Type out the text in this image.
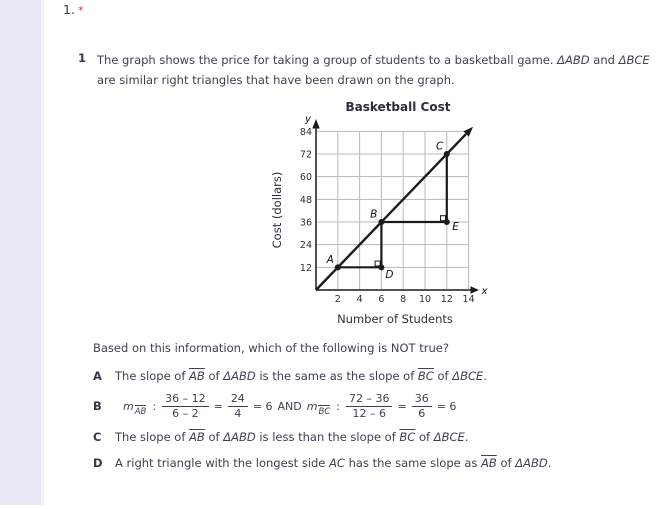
1. *
1 The graph shows the price for taking a group of students to a basketball game. ΔABD and ΔBCE are similar right triangles that have been drawn on the graph.
A
B
C
D
E
12
24
36
48
60
72
84
2 4 6 8 10 12 14
Basketball Cost
y
x
Number of Students
Cost (dollars)
Based on this information, which of the following is NOT true?
A	The slope of $\overline{AB}$ of ΔABD is the same as the slope of $\overline{BC}$ of ΔBCE.
B	$m_{AB}$ : $\frac{36 - 12}{6 - 2} = \frac{24}{4} = 6$ AND $m_{BC}$ : $\frac{72 - 36}{12 - 6} = \frac{36}{6} = 6$
C	The slope of $\overline{AB}$ of ΔABD is less than the slope of $\overline{BC}$ of ΔBCE.
D	A right triangle with the longest side AC has the same slope as $\overline{AB}$ of ΔABD.
